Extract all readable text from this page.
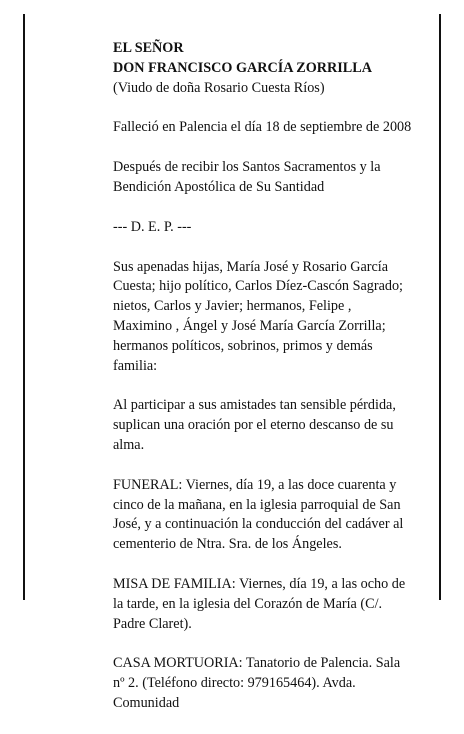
EL SEÑOR
DON FRANCISCO GARCÍA ZORRILLA
(Viudo de doña Rosario Cuesta Ríos)

Falleció en Palencia el día 18 de septiembre de 2008

Después de recibir los Santos Sacramentos y la Bendición Apostólica de Su Santidad

--- D. E. P. ---

Sus apenadas hijas, María José y Rosario García Cuesta; hijo político, Carlos Díez-Cascón Sagrado; nietos, Carlos y Javier; hermanos, Felipe , Maximino , Ángel y José María García Zorrilla; hermanos políticos, sobrinos, primos y demás familia:

Al participar a sus amistades tan sensible pérdida, suplican una oración por el eterno descanso de su alma.

FUNERAL: Viernes, día 19, a las doce cuarenta y cinco de la mañana, en la iglesia parroquial de San José, y a continuación la conducción del cadáver al cementerio de Ntra. Sra. de los Ángeles.

MISA DE FAMILIA: Viernes, día 19, a las ocho de la tarde, en la iglesia del Corazón de María (C/. Padre Claret).

CASA MORTUORIA: Tanatorio de Palencia. Sala nº 2. (Teléfono directo: 979165464). Avda. Comunidad
